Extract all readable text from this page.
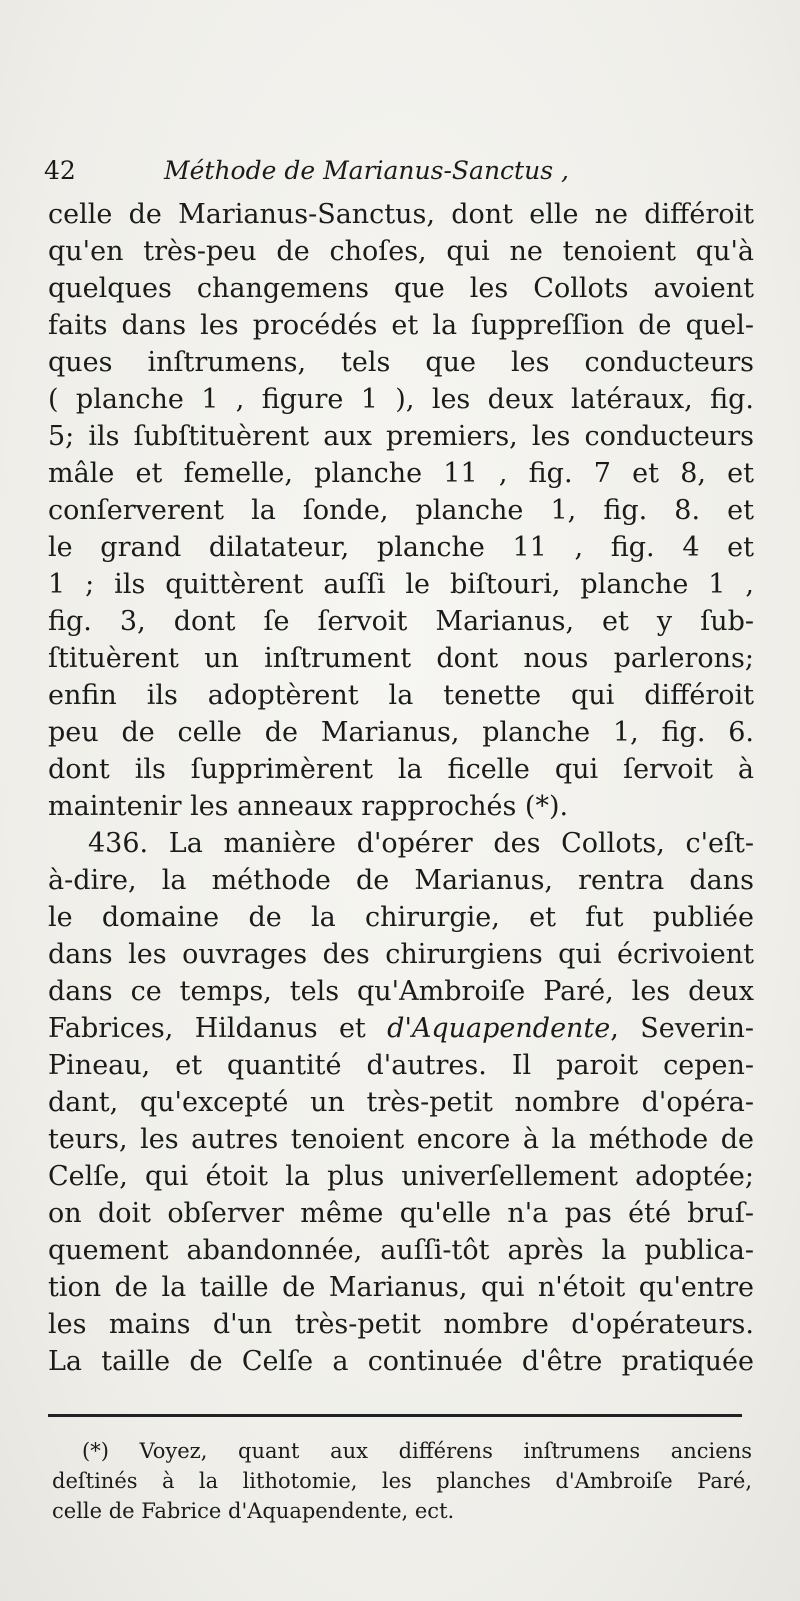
42	Méthode de Marianus-Sanctus ,
celle de Marianus-Sanctus, dont elle ne différoit
qu'en très-peu de choſes, qui ne tenoient qu'à
quelques changemens que les Collots avoient
faits dans les procédés et la ſuppreſſion de quel-
ques inſtrumens, tels que les conducteurs
( planche 1 , figure 1 ), les deux latéraux, fig.
5; ils ſubſtituèrent aux premiers, les conducteurs
mâle et femelle, planche 11 , fig. 7 et 8, et
conſerverent la ſonde, planche 1, fig. 8. et
le grand dilatateur, planche 11 , fig. 4 et
1 ; ils quittèrent auſſi le biſtouri, planche 1 ,
fig. 3, dont ſe ſervoit Marianus, et y ſub-
ſtituèrent un inſtrument dont nous parlerons;
enfin ils adoptèrent la tenette qui différoit
peu de celle de Marianus, planche 1, fig. 6.
dont ils ſupprimèrent la ficelle qui ſervoit à
maintenir les anneaux rapprochés (*).
436. La manière d'opérer des Collots, c'eſt-
à-dire, la méthode de Marianus, rentra dans
le domaine de la chirurgie, et fut publiée
dans les ouvrages des chirurgiens qui écrivoient
dans ce temps, tels qu'Ambroiſe Paré, les deux
Fabrices, Hildanus et d'Aquapendente, Severin-
Pineau, et quantité d'autres. Il paroit cepen-
dant, qu'excepté un très-petit nombre d'opéra-
teurs, les autres tenoient encore à la méthode de
Celſe, qui étoit la plus univerſellement adoptée;
on doit obſerver même qu'elle n'a pas été bruſ-
quement abandonnée, auſſi-tôt après la publica-
tion de la taille de Marianus, qui n'étoit qu'entre
les mains d'un très-petit nombre d'opérateurs.
La taille de Celſe a continuée d'être pratiquée
(*) Voyez, quant aux différens inſtrumens anciens
deſtinés à la lithotomie, les planches d'Ambroiſe Paré,
celle de Fabrice d'Aquapendente, ect.
